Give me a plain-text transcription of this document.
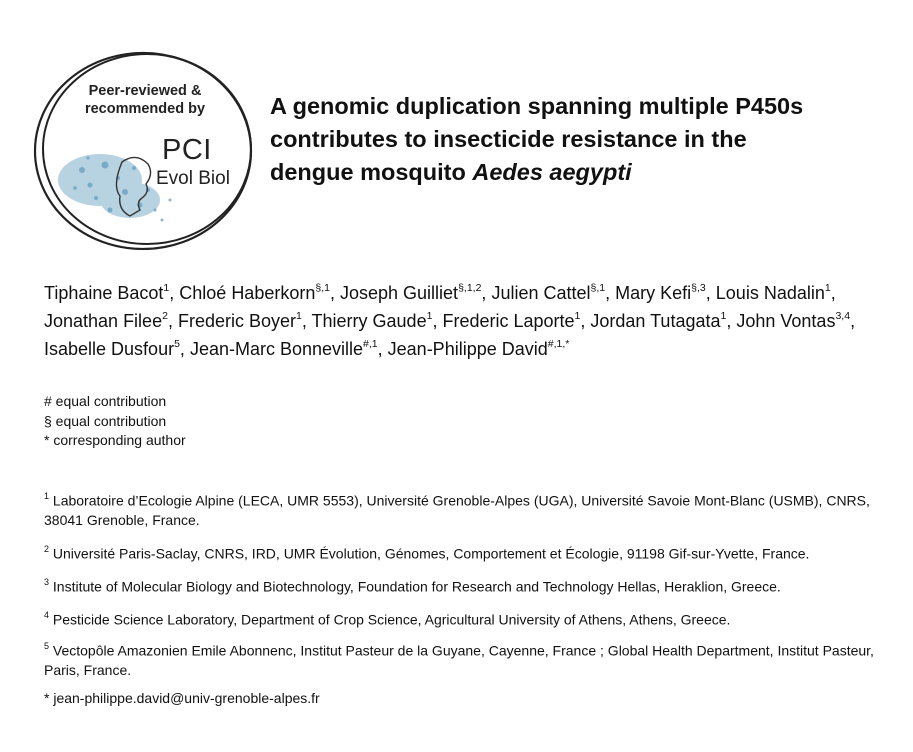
Peer-reviewed &
recommended by
PCI
Evol Biol
A genomic duplication spanning multiple P450s
contributes to insecticide resistance in the
dengue mosquito Aedes aegypti
Tiphaine Bacot$^1$, Chloé Haberkorn$^{\S,1}$, Joseph Guilliet$^{\S,1,2}$, Julien Cattel$^{\S,1}$, Mary Kefi$^{\S,3}$, Louis Nadalin$^1$, Jonathan Filee$^2$, Frederic Boyer$^1$, Thierry Gaude$^1$, Frederic Laporte$^1$, Jordan Tutagata$^1$, John Vontas$^{3,4}$, Isabelle Dusfour$^5$, Jean-Marc Bonneville$^{\#,1}$, Jean-Philippe David$^{\#,1,*}$
# equal contribution
§ equal contribution
* corresponding author
$^1$ Laboratoire d’Ecologie Alpine (LECA, UMR 5553), Université Grenoble-Alpes (UGA), Université Savoie Mont-Blanc (USMB), CNRS, 38041 Grenoble, France.
$^2$ Université Paris-Saclay, CNRS, IRD, UMR Évolution, Génomes, Comportement et Écologie, 91198 Gif-sur-Yvette, France.
$^3$ Institute of Molecular Biology and Biotechnology, Foundation for Research and Technology Hellas, Heraklion, Greece.
$^4$ Pesticide Science Laboratory, Department of Crop Science, Agricultural University of Athens, Athens, Greece.
$^5$ Vectopôle Amazonien Emile Abonnenc, Institut Pasteur de la Guyane, Cayenne, France ; Global Health Department, Institut Pasteur, Paris, France.
* jean-philippe.david@univ-grenoble-alpes.fr
